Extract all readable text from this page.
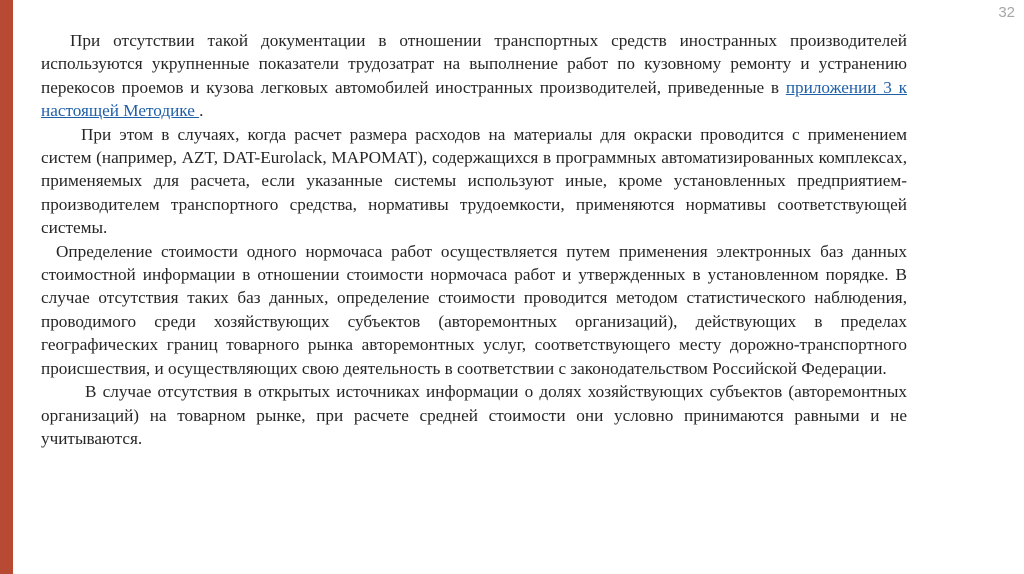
32

При отсутствии такой документации в отношении транспортных средств иностранных производителей используются укрупненные показатели трудозатрат на выполнение работ по кузовному ремонту и устранению перекосов проемов и кузова легковых автомобилей иностранных производителей, приведенные в приложении 3 к настоящей Методике .

При этом в случаях, когда расчет размера расходов на материалы для окраски проводится с применением систем (например, AZT, DAT-Eurolack, MAPOMAT), содержащихся в программных автоматизированных комплексах, применяемых для расчета, если указанные системы используют иные, кроме установленных предприятием-производителем транспортного средства, нормативы трудоемкости, применяются нормативы соответствующей системы.

Определение стоимости одного нормочаса работ осуществляется путем применения электронных баз данных стоимостной информации в отношении стоимости нормочаса работ и утвержденных в установленном порядке. В случае отсутствия таких баз данных, определение стоимости проводится методом статистического наблюдения, проводимого среди хозяйствующих субъектов (авторемонтных организаций), действующих в пределах географических границ товарного рынка авторемонтных услуг, соответствующего месту дорожно-транспортного происшествия, и осуществляющих свою деятельность в соответствии с законодательством Российской Федерации.

В случае отсутствия в открытых источниках информации о долях хозяйствующих субъектов (авторемонтных организаций) на товарном рынке, при расчете средней стоимости они условно принимаются равными и не учитываются.
